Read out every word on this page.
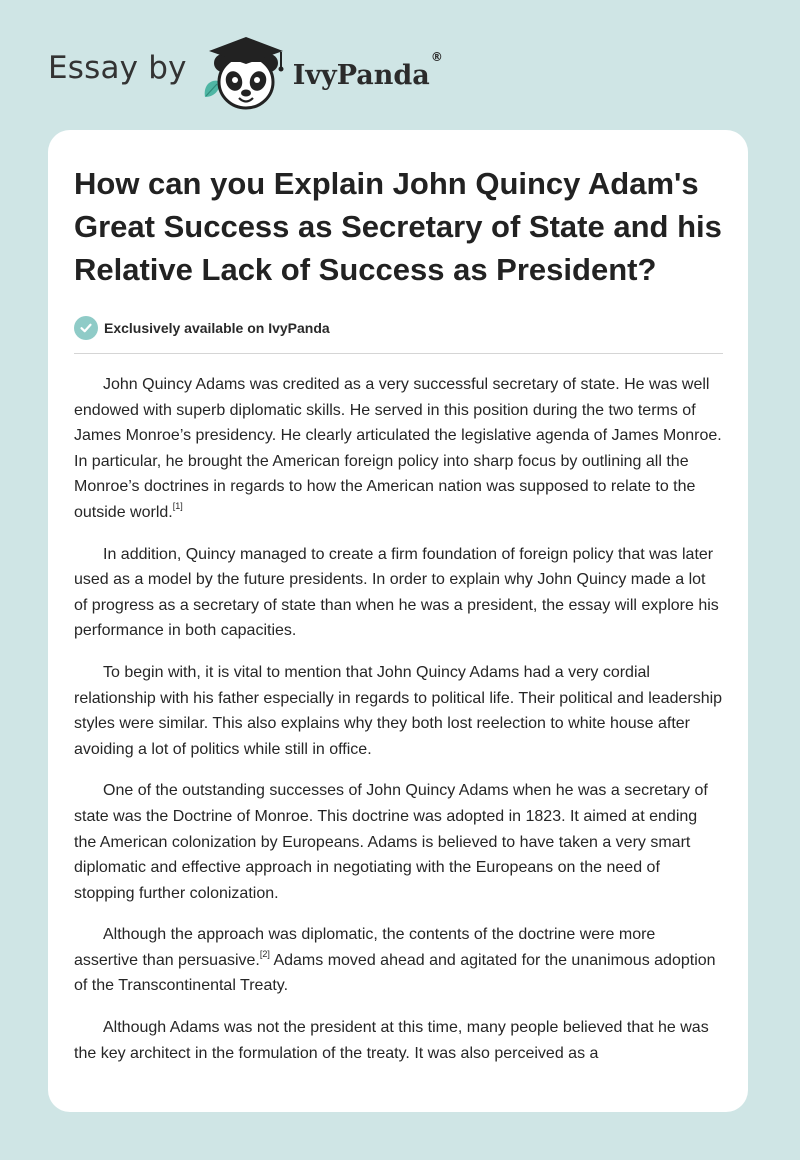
Essay by	IvyPanda®
How can you Explain John Quincy Adam's Great Success as Secretary of State and his Relative Lack of Success as President?
Exclusively available on IvyPanda

John Quincy Adams was credited as a very successful secretary of state. He was well endowed with superb diplomatic skills. He served in this position during the two terms of James Monroe’s presidency. He clearly articulated the legislative agenda of James Monroe. In particular, he brought the American foreign policy into sharp focus by outlining all the Monroe’s doctrines in regards to how the American nation was supposed to relate to the outside world.[1]

In addition, Quincy managed to create a firm foundation of foreign policy that was later used as a model by the future presidents. In order to explain why John Quincy made a lot of progress as a secretary of state than when he was a president, the essay will explore his performance in both capacities.

To begin with, it is vital to mention that John Quincy Adams had a very cordial relationship with his father especially in regards to political life. Their political and leadership styles were similar. This also explains why they both lost reelection to white house after avoiding a lot of politics while still in office.

One of the outstanding successes of John Quincy Adams when he was a secretary of state was the Doctrine of Monroe. This doctrine was adopted in 1823. It aimed at ending the American colonization by Europeans. Adams is believed to have taken a very smart diplomatic and effective approach in negotiating with the Europeans on the need of stopping further colonization.

Although the approach was diplomatic, the contents of the doctrine were more assertive than persuasive.[2] Adams moved ahead and agitated for the unanimous adoption of the Transcontinental Treaty.

Although Adams was not the president at this time, many people believed that he was the key architect in the formulation of the treaty. It was also perceived as a
